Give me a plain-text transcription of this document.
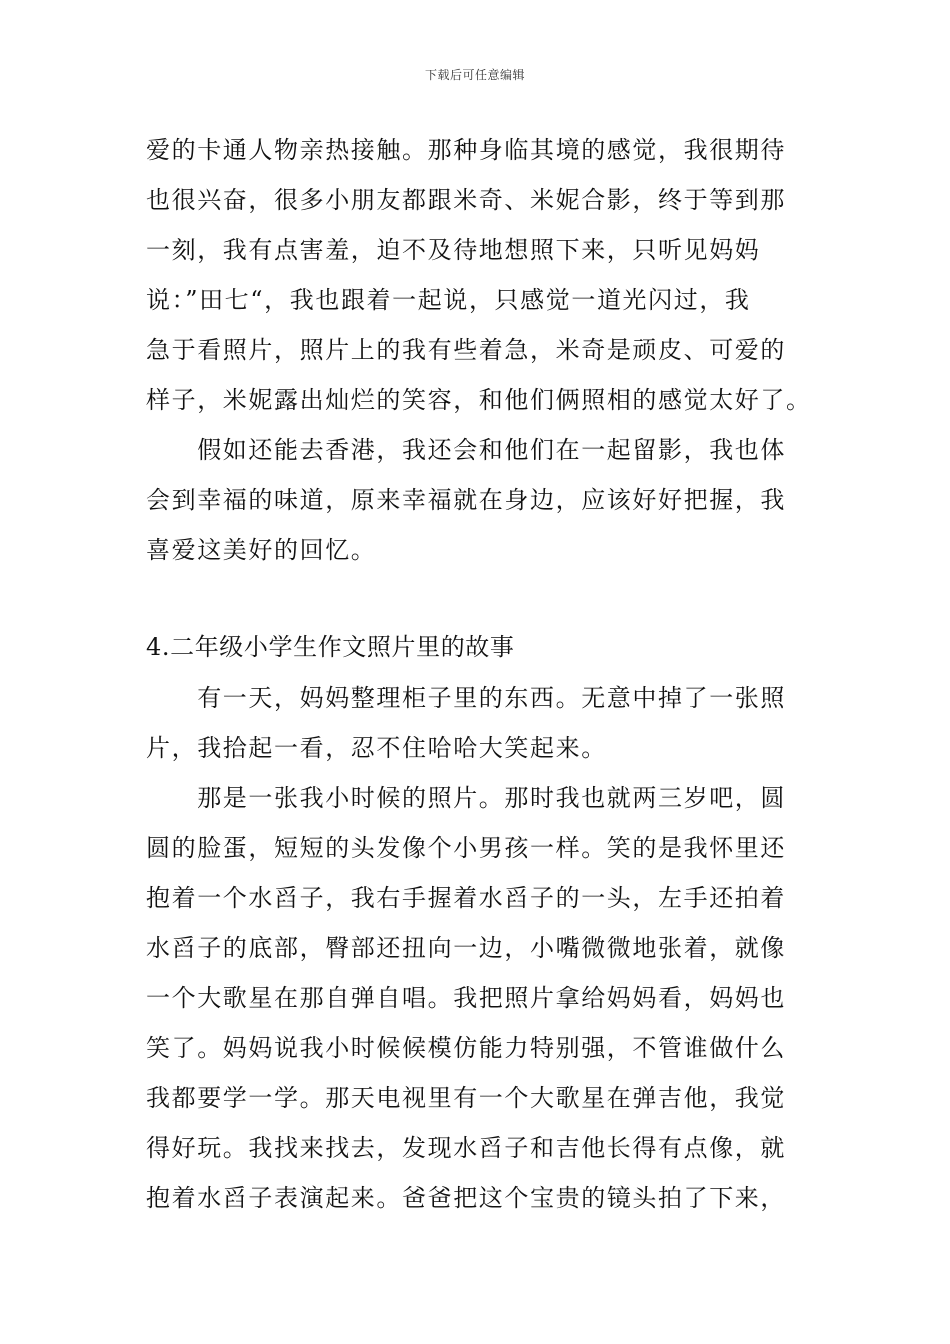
下载后可任意编辑
爱的卡通人物亲热接触。那种身临其境的感觉，我很期待
也很兴奋，很多小朋友都跟米奇、米妮合影，终于等到那
一刻，我有点害羞，迫不及待地想照下来，只听见妈妈
说：”田七“，我也跟着一起说，只感觉一道光闪过，我
急于看照片，照片上的我有些着急，米奇是顽皮、可爱的
样子，米妮露出灿烂的笑容，和他们俩照相的感觉太好了。
　　假如还能去香港，我还会和他们在一起留影，我也体
会到幸福的味道，原来幸福就在身边，应该好好把握，我
喜爱这美好的回忆。
4.二年级小学生作文照片里的故事
　　有一天，妈妈整理柜子里的东西。无意中掉了一张照
片，我拾起一看，忍不住哈哈大笑起来。
　　那是一张我小时候的照片。那时我也就两三岁吧，圆
圆的脸蛋，短短的头发像个小男孩一样。笑的是我怀里还
抱着一个水舀子，我右手握着水舀子的一头，左手还拍着
水舀子的底部，臀部还扭向一边，小嘴微微地张着，就像
一个大歌星在那自弹自唱。我把照片拿给妈妈看，妈妈也
笑了。妈妈说我小时候候模仿能力特别强，不管谁做什么
我都要学一学。那天电视里有一个大歌星在弹吉他，我觉
得好玩。我找来找去，发现水舀子和吉他长得有点像，就
抱着水舀子表演起来。爸爸把这个宝贵的镜头拍了下来，
